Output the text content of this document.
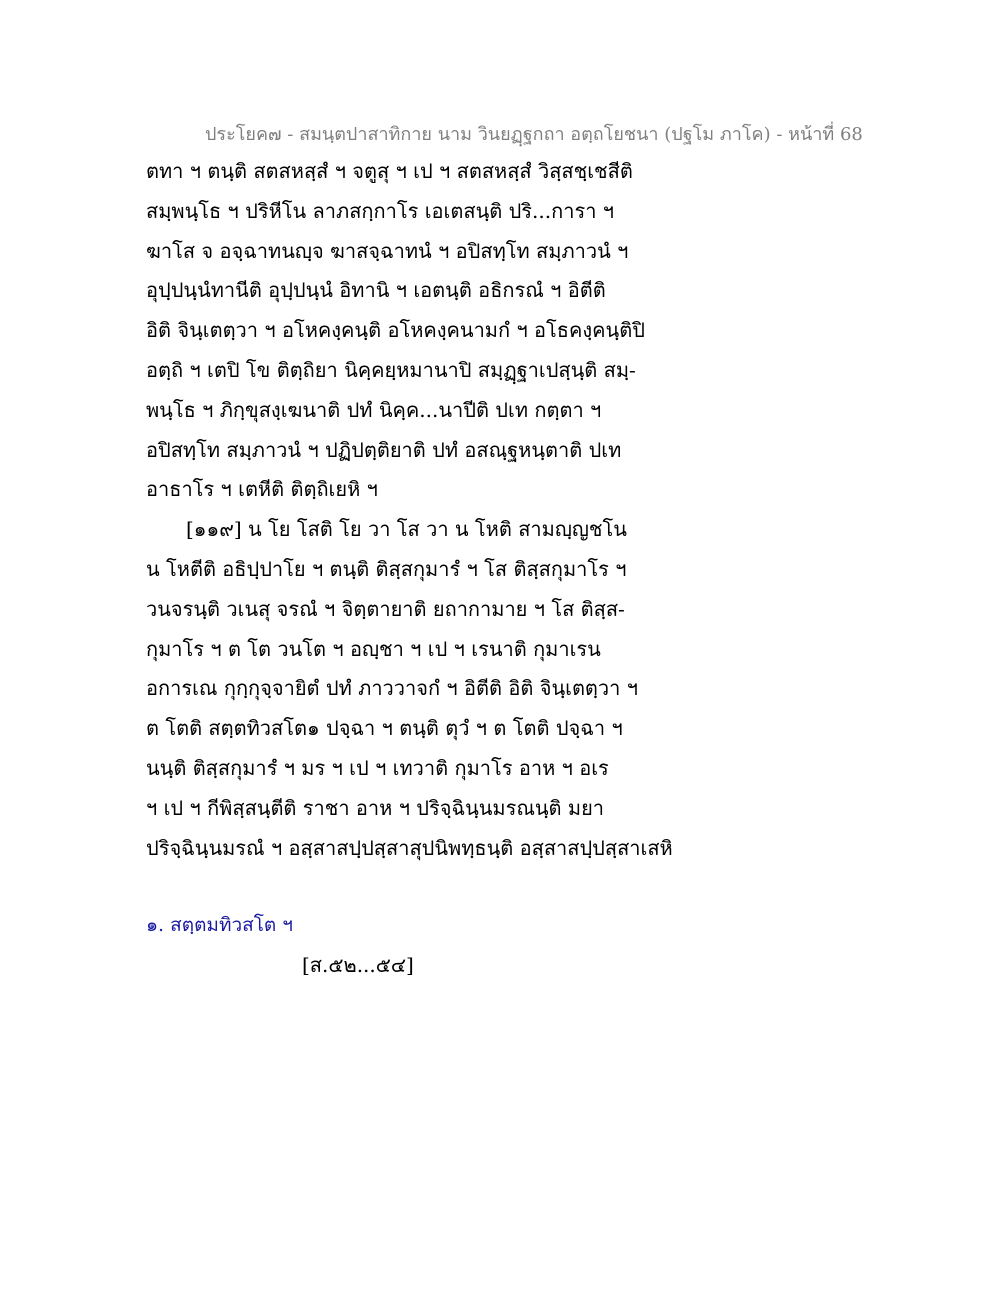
ประโยค๗ - สมนฺตปาสาทิกาย นาม วินยฏฺฐกถา อตฺถโยชนา (ปฐโม ภาโค) - หน้าที่ 68
ตทา ฯ ตนฺติ สตสหสฺสํ ฯ จตูสุ ฯ เป ฯ สตสหสฺสํ วิสฺสชฺเชสีติ
สมฺพนฺโธ ฯ ปริหีโน ลาภสกฺกาโร เอเตสนฺติ ปริ...การา ฯ
ฆาโส จ อจฺฉาทนญฺจ ฆาสจฺฉาทนํ ฯ อปิสทฺโท สมฺภาวนํ ฯ
อุปฺปนฺนํทานีติ อุปฺปนฺนํ อิทานิ ฯ เอตนฺติ อธิกรณํ ฯ อิตีติ
อิติ จินฺเตตฺวา ฯ อโหคงฺคนฺติ อโหคงฺคนามกํ ฯ อโธคงฺคนฺติปิ
อตฺถิ ฯ เตปิ โข ติตฺถิยา นิคฺคยฺหมานาปิ สมฺฏฺฐาเปสฺนฺติ สมฺ-
พนฺโธ ฯ ภิกฺขุสงฺเฆนาติ ปทํ นิคฺค...นาปีติ ปเท กตฺตา ฯ
อปิสทฺโท สมฺภาวนํ ฯ ปฏิปตฺติยาติ ปทํ อสณฺฐหนฺตาติ ปเท
อาธาโร ฯ เตหีติ ติตฺถิเยหิ ฯ
[๑๑๙] น โย โสติ โย วา โส วา น โหติ สามญฺญชโน
น โหตีติ อธิปฺปาโย ฯ ตนฺติ ติสฺสกุมารํ ฯ โส ติสฺสกุมาโร ฯ
วนจรนฺติ วเนสุ จรณํ ฯ จิตฺตายาติ ยถากามาย ฯ โส ติสฺส-
กุมาโร ฯ ต โต วนโต ฯ อญฺชา ฯ เป ฯ เรนาติ กุมาเรน
อการเณ กุกฺกุจฺจายิตํ ปทํ ภาววาจกํ ฯ อิตีติ อิติ จินฺเตตฺวา ฯ
ต โตติ สตฺตทิวสโต๑ ปจฺฉา ฯ ตนฺติ ตุวํ ฯ ต โตติ ปจฺฉา ฯ
นนฺติ ติสฺสกุมารํ ฯ มร ฯ เป ฯ เทวาติ กุมาโร อาห ฯ อเร
ฯ เป ฯ กีพิสฺสนฺตีติ ราชา อาห ฯ ปริจฺฉินฺนมรณนฺติ มยา
ปริจฺฉินฺนมรณํ ฯ อสฺสาสปฺปสฺสาสุปนิพทฺธนฺติ อสฺสาสปฺปสฺสาเสหิ
๑. สตฺตมทิวสโต ฯ
[ส.๕๒...๕๔]
